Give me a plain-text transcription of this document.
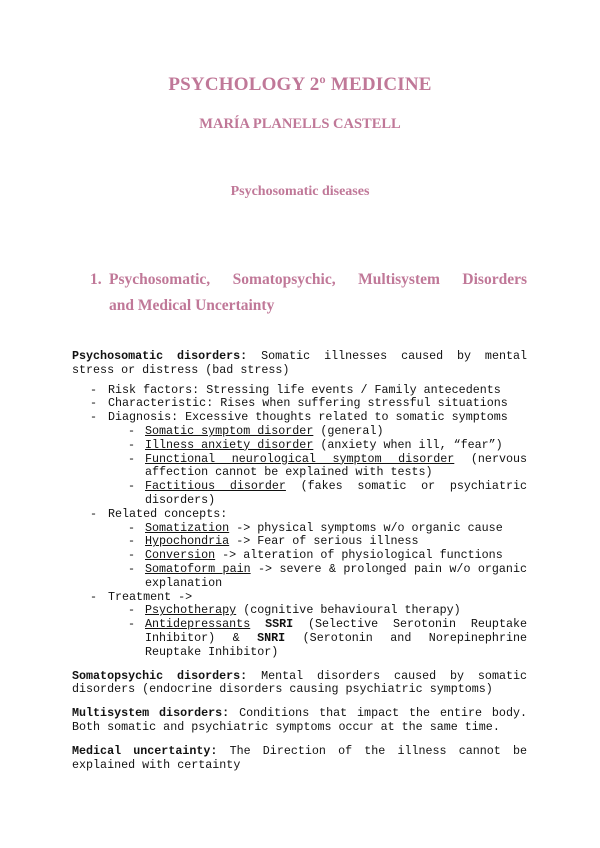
PSYCHOLOGY 2º MEDICINE
MARÍA PLANELLS CASTELL
Psychosomatic diseases
1. Psychosomatic, Somatopsychic, Multisystem Disorders
and Medical Uncertainty
Psychosomatic disorders: Somatic illnesses caused by mental stress or distress (bad stress)
- Risk factors: Stressing life events / Family antecedents
- Characteristic: Rises when suffering stressful situations
- Diagnosis: Excessive thoughts related to somatic symptoms
- Somatic symptom disorder (general)
- Illness anxiety disorder (anxiety when ill, “fear”)
- Functional neurological symptom disorder (nervous affection cannot be explained with tests)
- Factitious disorder (fakes somatic or psychiatric disorders)
- Related concepts:
- Somatization -> physical symptoms w/o organic cause
- Hypochondria -> Fear of serious illness
- Conversion -> alteration of physiological functions
- Somatoform pain -> severe & prolonged pain w/o organic explanation
- Treatment ->
- Psychotherapy (cognitive behavioural therapy)
- Antidepressants SSRI (Selective Serotonin Reuptake Inhibitor) & SNRI (Serotonin and Norepinephrine Reuptake Inhibitor)
Somatopsychic disorders: Mental disorders caused by somatic disorders (endocrine disorders causing psychiatric symptoms)
Multisystem disorders: Conditions that impact the entire body. Both somatic and psychiatric symptoms occur at the same time.
Medical uncertainty: The Direction of the illness cannot be explained with certainty
